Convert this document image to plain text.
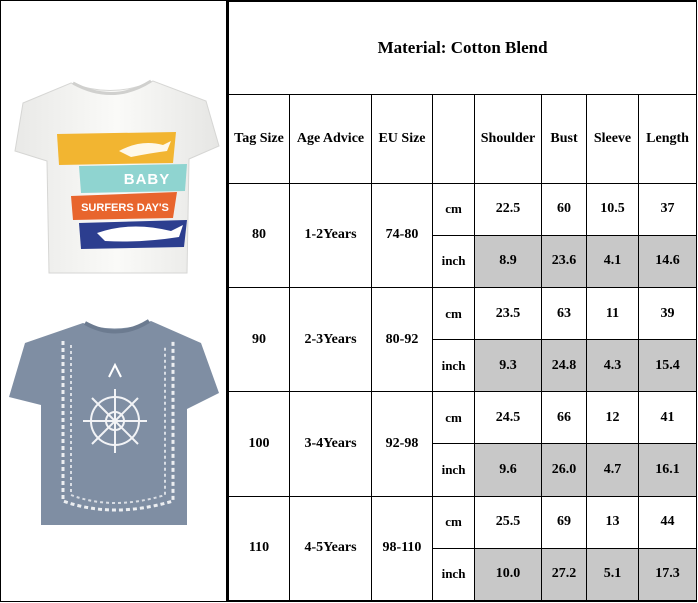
BABY
SURFERS DAY'S
Material: Cotton Blend							
Tag Size	Age Advice	EU Size		Shoulder	Bust	Sleeve	Length
80	1-2Years	74-80	cm	22.5	60	10.5	37
			inch	8.9	23.6	4.1	14.6
90	2-3Years	80-92	cm	23.5	63	11	39
			inch	9.3	24.8	4.3	15.4
100	3-4Years	92-98	cm	24.5	66	12	41
			inch	9.6	26.0	4.7	16.1
110	4-5Years	98-110	cm	25.5	69	13	44
			inch	10.0	27.2	5.1	17.3
